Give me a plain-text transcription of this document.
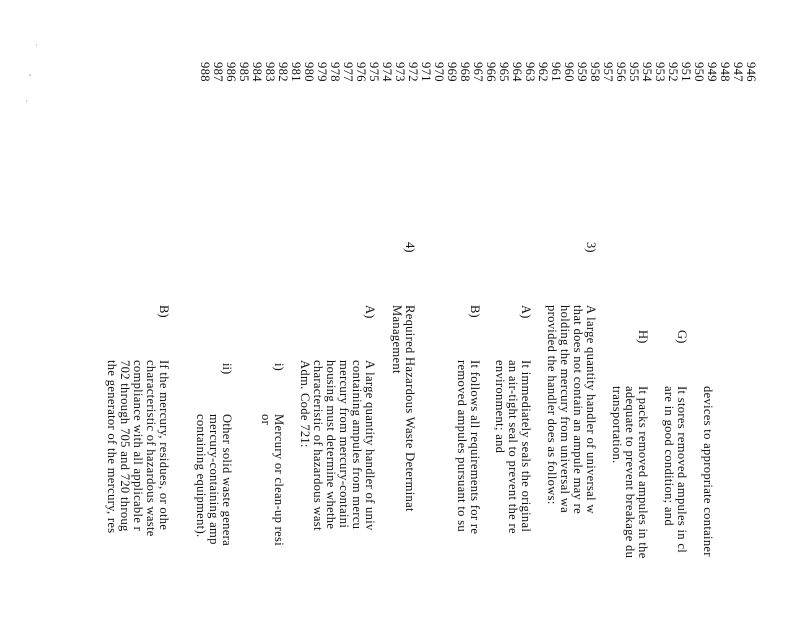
946
947
948
949
950
951
952
953
954
955
956
957
958
959
960
961
962
963
964
965
966
967
968
969
970
971
972
973
974
975
976
977
978
979
980
981
982
983
984
985
986
987
988
G)
H)
3)
A)
B)
4)
A)
i)
ii)
B)
devices to appropriate container
It stores removed ampules in cl
are in good condition; and
It packs removed ampules in the
adequate to prevent breakage du
transportation.
A large quantity handler of universal w
that does not contain an ampule may re
holding the mercury from universal wa
provided the handler does as follows:
It immediately seals the original
an air-tight seal to prevent the re
environment; and
It follows all requirements for re
removed ampules pursuant to su
Required Hazardous Waste Determinat
Management
A large quantity handler of univ
containing ampules from mercu
mercury from mercury-containi
housing must determine whethe
characteristic of hazardous wast
Adm. Code 721:
Mercury or clean-up resi
or
Other solid waste genera
mercury-containing amp
containing equipment).
If the mercury, residues, or othe
characteristic of hazardous waste
compliance with all applicable r
702 through 705 and 720 throug
the generator of the mercury, res
.
,
.
